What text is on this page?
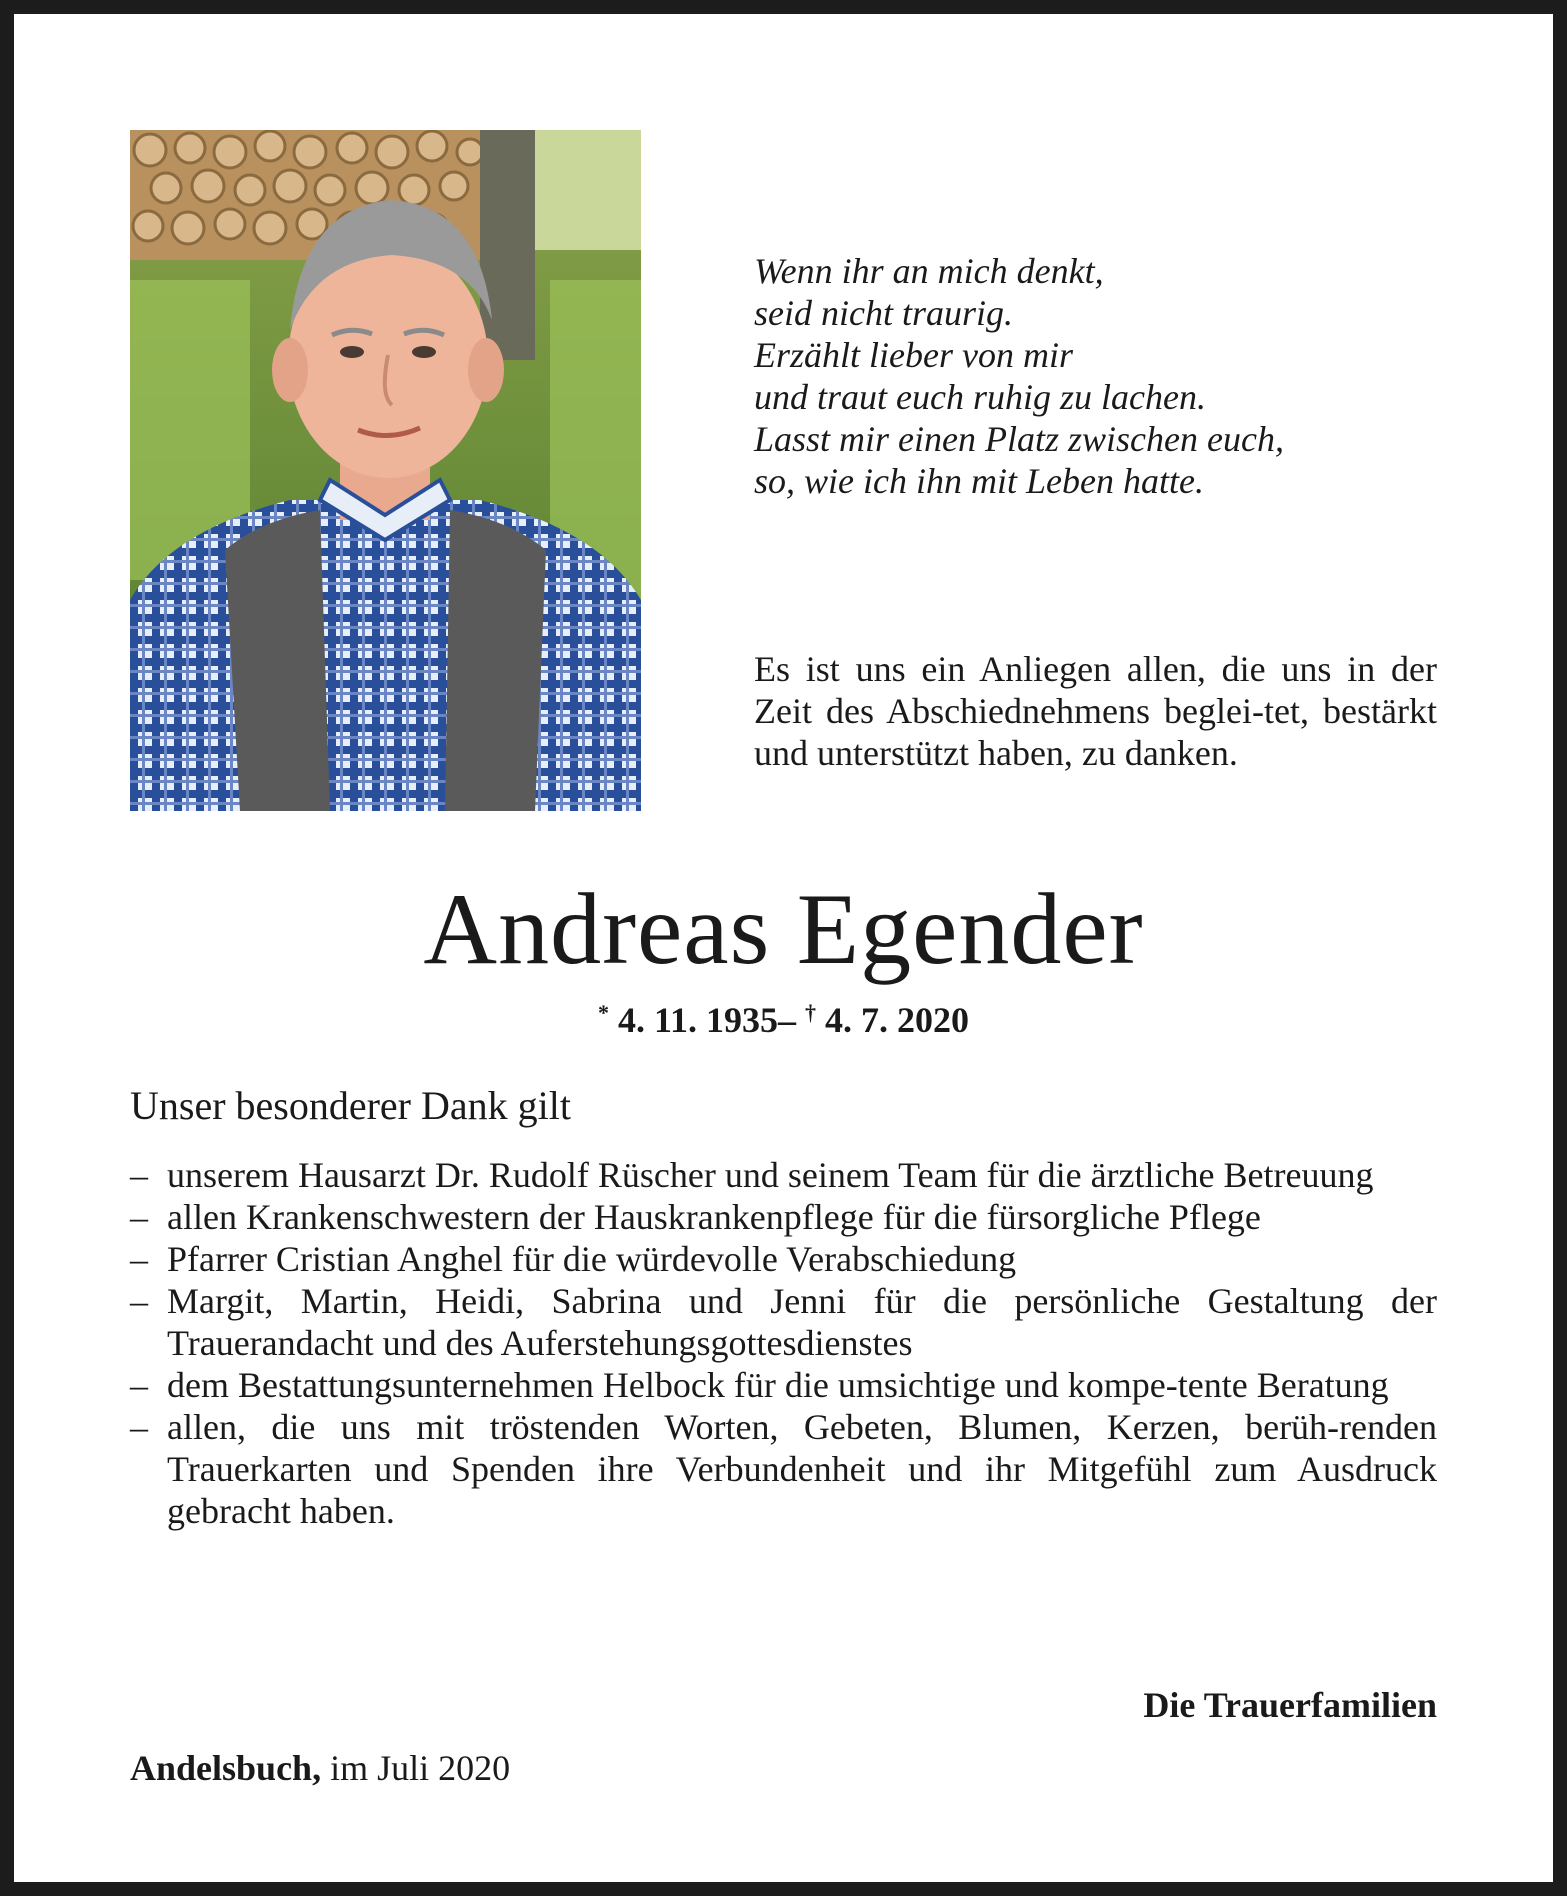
Wenn ihr an mich denkt,
seid nicht traurig.
Erzählt lieber von mir
und traut euch ruhig zu lachen.
Lasst mir einen Platz zwischen euch,
so, wie ich ihn mit Leben hatte.
Es ist uns ein Anliegen allen, die uns in der Zeit des Abschiednehmens beglei-tet, bestärkt und unterstützt haben, zu danken.
Andreas Egender
* 4. 11. 1935– † 4. 7. 2020
Unser besonderer Dank gilt
– unserem Hausarzt Dr. Rudolf Rüscher und seinem Team für die ärztliche Betreuung
– allen Krankenschwestern der Hauskrankenpflege für die fürsorgliche Pflege
– Pfarrer Cristian Anghel für die würdevolle Verabschiedung
– Margit, Martin, Heidi, Sabrina und Jenni für die persönliche Gestaltung der Trauerandacht und des Auferstehungsgottesdienstes
– dem Bestattungsunternehmen Helbock für die umsichtige und kompe-tente Beratung
– allen, die uns mit tröstenden Worten, Gebeten, Blumen, Kerzen, berüh-renden Trauerkarten und Spenden ihre Verbundenheit und ihr Mitgefühl zum Ausdruck gebracht haben.
Die Trauerfamilien
Andelsbuch, im Juli 2020
